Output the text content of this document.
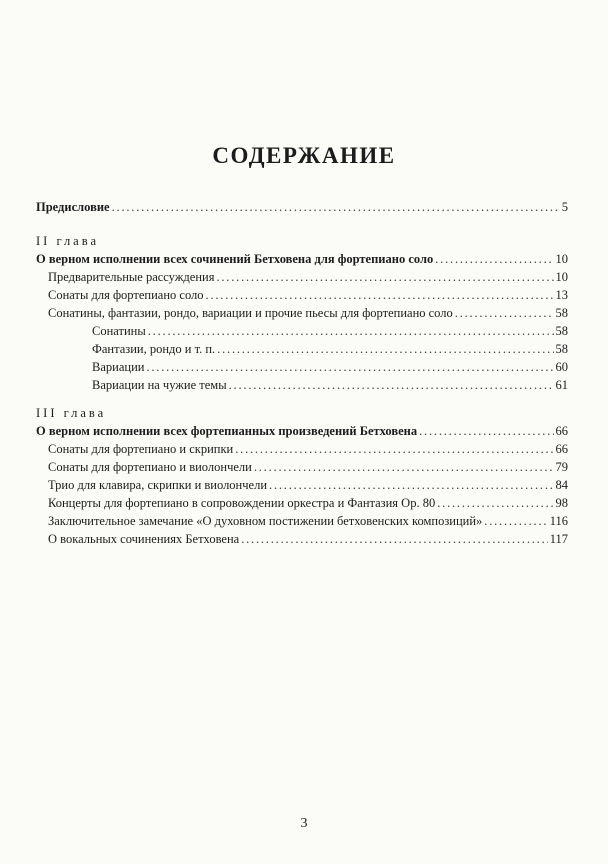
СОДЕРЖАНИЕ
Предисловие .....	5
II глава
О верном исполнении всех сочинений Бетховена для фортепиано соло .....	10
Предварительные рассуждения .....	10
Сонаты для фортепиано соло .....	13
Сонатины, фантазии, рондо, вариации и прочие пьесы для фортепиано соло .....	58
Сонатины .....	58
Фантазии, рондо и т. п. .....	58
Вариации .....	60
Вариации на чужие темы .....	61
III глава
О верном исполнении всех фортепианных произведений Бетховена .....	66
Сонаты для фортепиано и скрипки .....	66
Сонаты для фортепиано и виолончели .....	79
Трио для клавира, скрипки и виолончели .....	84
Концерты для фортепиано в сопровождении оркестра и Фантазия Op. 80 .....	98
Заключительное замечание «О духовном постижении бетховенских композиций» .....	116
О вокальных сочинениях Бетховена .....	117
3
